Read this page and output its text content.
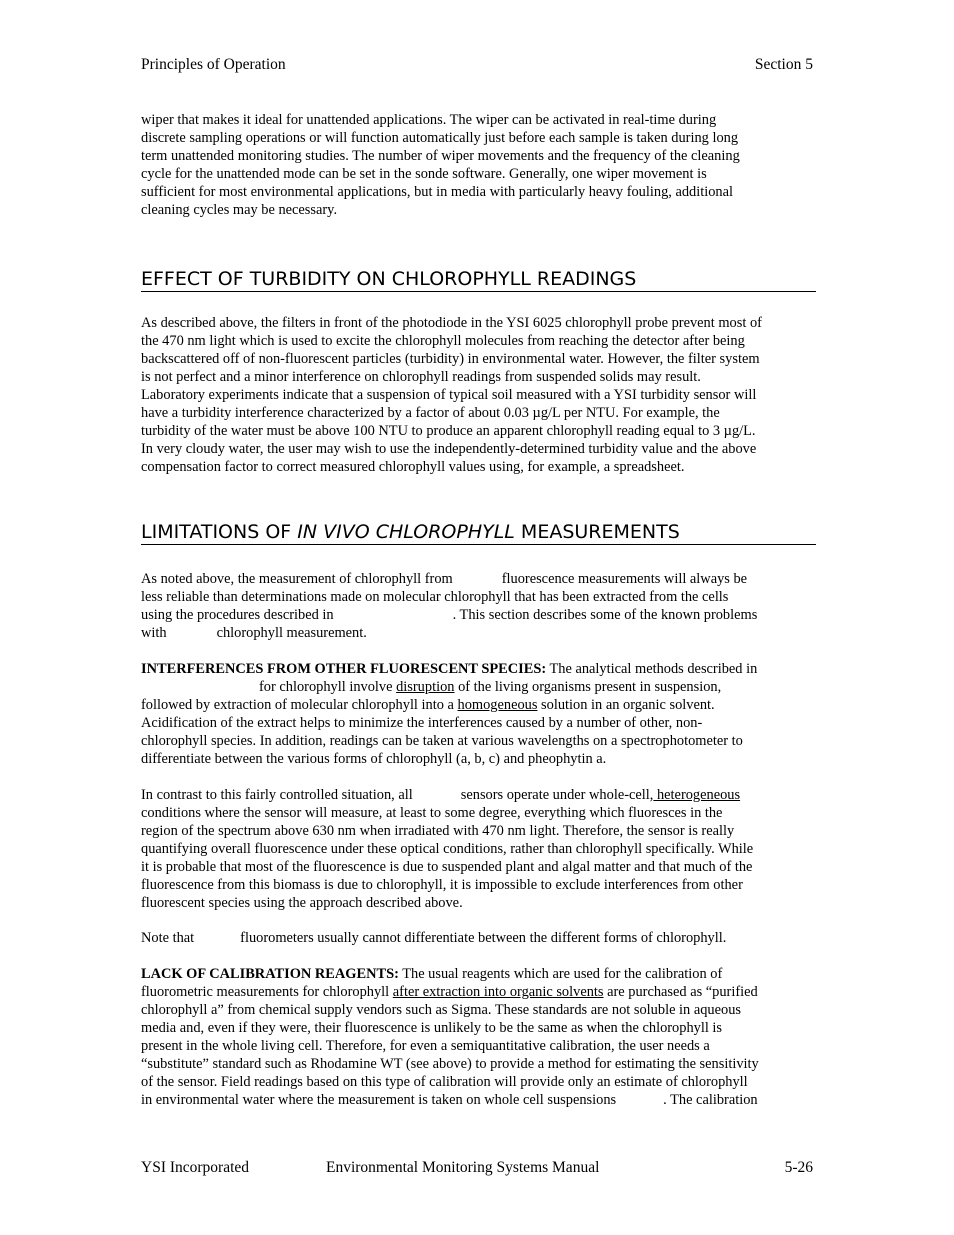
Principles of Operation	Section 5
wiper that makes it ideal for unattended applications. The wiper can be activated in real-time during
discrete sampling operations or will function automatically just before each sample is taken during long
term unattended monitoring studies. The number of wiper movements and the frequency of the cleaning
cycle for the unattended mode can be set in the sonde software. Generally, one wiper movement is
sufficient for most environmental applications, but in media with particularly heavy fouling, additional
cleaning cycles may be necessary.
EFFECT OF TURBIDITY ON CHLOROPHYLL READINGS
As described above, the filters in front of the photodiode in the YSI 6025 chlorophyll probe prevent most of
the 470 nm light which is used to excite the chlorophyll molecules from reaching the detector after being
backscattered off of non-fluorescent particles (turbidity) in environmental water. However, the filter system
is not perfect and a minor interference on chlorophyll readings from suspended solids may result.
Laboratory experiments indicate that a suspension of typical soil measured with a YSI turbidity sensor will
have a turbidity interference characterized by a factor of about 0.03 µg/L per NTU. For example, the
turbidity of the water must be above 100 NTU to produce an apparent chlorophyll reading equal to 3 µg/L.
In very cloudy water, the user may wish to use the independently-determined turbidity value and the above
compensation factor to correct measured chlorophyll values using, for example, a spreadsheet.
LIMITATIONS OF IN VIVO CHLOROPHYLL MEASUREMENTS
As noted above, the measurement of chlorophyll from	fluorescence measurements will always be
less reliable than determinations made on molecular chlorophyll that has been extracted from the cells
using the procedures described in	. This section describes some of the known problems
with	chlorophyll measurement.
INTERFERENCES FROM OTHER FLUORESCENT SPECIES: The analytical methods described in
for chlorophyll involve disruption of the living organisms present in suspension,
followed by extraction of molecular chlorophyll into a homogeneous solution in an organic solvent.
Acidification of the extract helps to minimize the interferences caused by a number of other, non-
chlorophyll species. In addition, readings can be taken at various wavelengths on a spectrophotometer to
differentiate between the various forms of chlorophyll (a, b, c) and pheophytin a.
In contrast to this fairly controlled situation, all	sensors operate under whole-cell, heterogeneous
conditions where the sensor will measure, at least to some degree, everything which fluoresces in the
region of the spectrum above 630 nm when irradiated with 470 nm light. Therefore, the sensor is really
quantifying overall fluorescence under these optical conditions, rather than chlorophyll specifically. While
it is probable that most of the fluorescence is due to suspended plant and algal matter and that much of the
fluorescence from this biomass is due to chlorophyll, it is impossible to exclude interferences from other
fluorescent species using the approach described above.
Note that	fluorometers usually cannot differentiate between the different forms of chlorophyll.
LACK OF CALIBRATION REAGENTS: The usual reagents which are used for the calibration of
fluorometric measurements for chlorophyll after extraction into organic solvents are purchased as “purified
chlorophyll a” from chemical supply vendors such as Sigma. These standards are not soluble in aqueous
media and, even if they were, their fluorescence is unlikely to be the same as when the chlorophyll is
present in the whole living cell. Therefore, for even a semiquantitative calibration, the user needs a
“substitute” standard such as Rhodamine WT (see above) to provide a method for estimating the sensitivity
of the sensor. Field readings based on this type of calibration will provide only an estimate of chlorophyll
in environmental water where the measurement is taken on whole cell suspensions	. The calibration
YSI Incorporated	Environmental Monitoring Systems Manual	5-26
